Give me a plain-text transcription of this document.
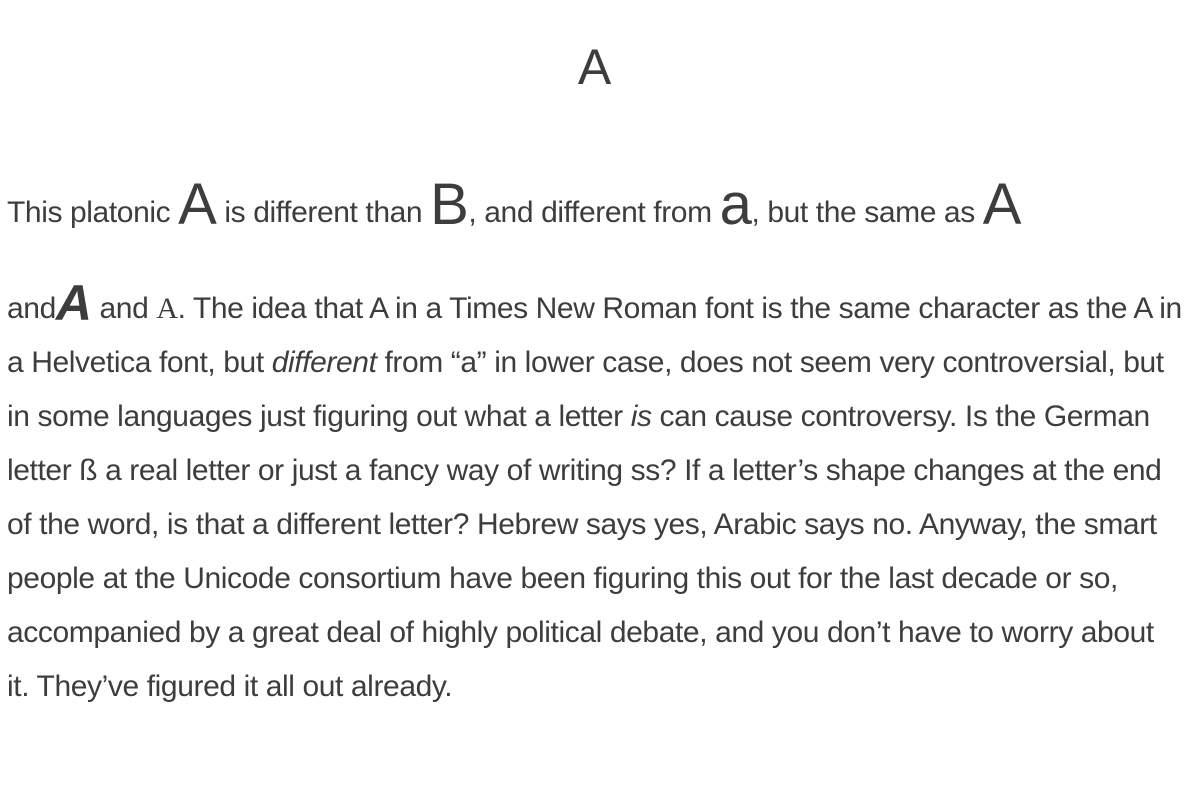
A

This platonic A is different than B, and different from a, but the same as A
andA and A. The idea that A in a Times New Roman font is the same character as the A in a Helvetica font, but different from “a” in lower case, does not seem very controversial, but in some languages just figuring out what a letter is can cause controversy. Is the German letter ß a real letter or just a fancy way of writing ss? If a letter’s shape changes at the end of the word, is that a different letter? Hebrew says yes, Arabic says no. Anyway, the smart people at the Unicode consortium have been figuring this out for the last decade or so, accompanied by a great deal of highly political debate, and you don’t have to worry about it. They’ve figured it all out already.
